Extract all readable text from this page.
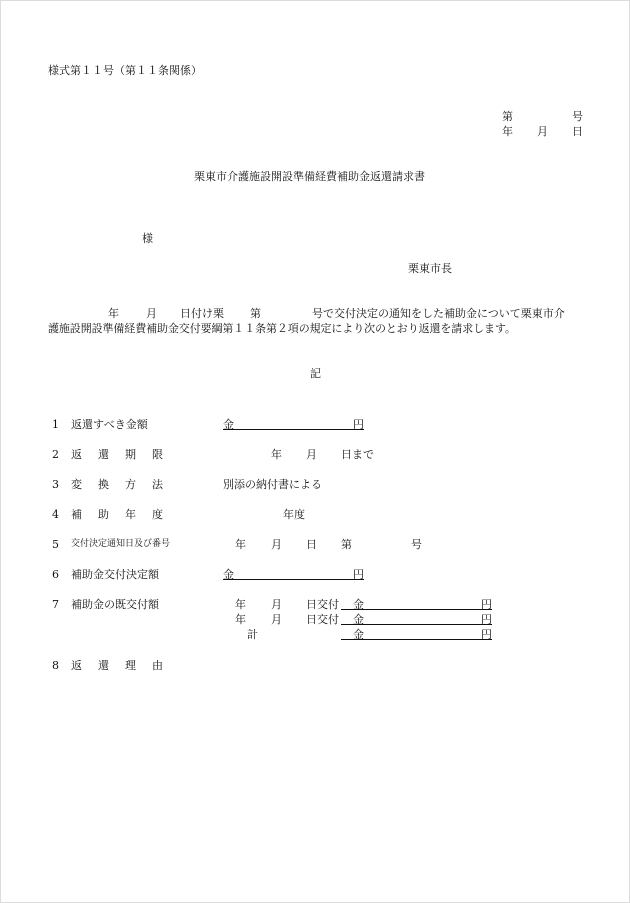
様式第１１号（第１１条関係）
第	号
年 月 日
栗東市介護施設開設準備経費補助金返還請求書
様
栗東市長
年 月 日付け栗 第	号で交付決定の通知をした補助金について栗東市介
護施設開設準備経費補助金交付要綱第１１条第２項の規定により次のとおり返還を請求します。
記
1 返還すべき金額	金	円
2 返 還 期 限	年 月 日まで
3 変 換 方 法	別添の納付書による
4 補 助 年 度	年度
5 交付決定通知日及び番号	年 月 日 第	号
6 補助金交付決定額	金	円
7 補助金の既交付額	年 月 日交付 金	円
年 月 日交付 金	円
計	金	円
8 返 還 理 由
